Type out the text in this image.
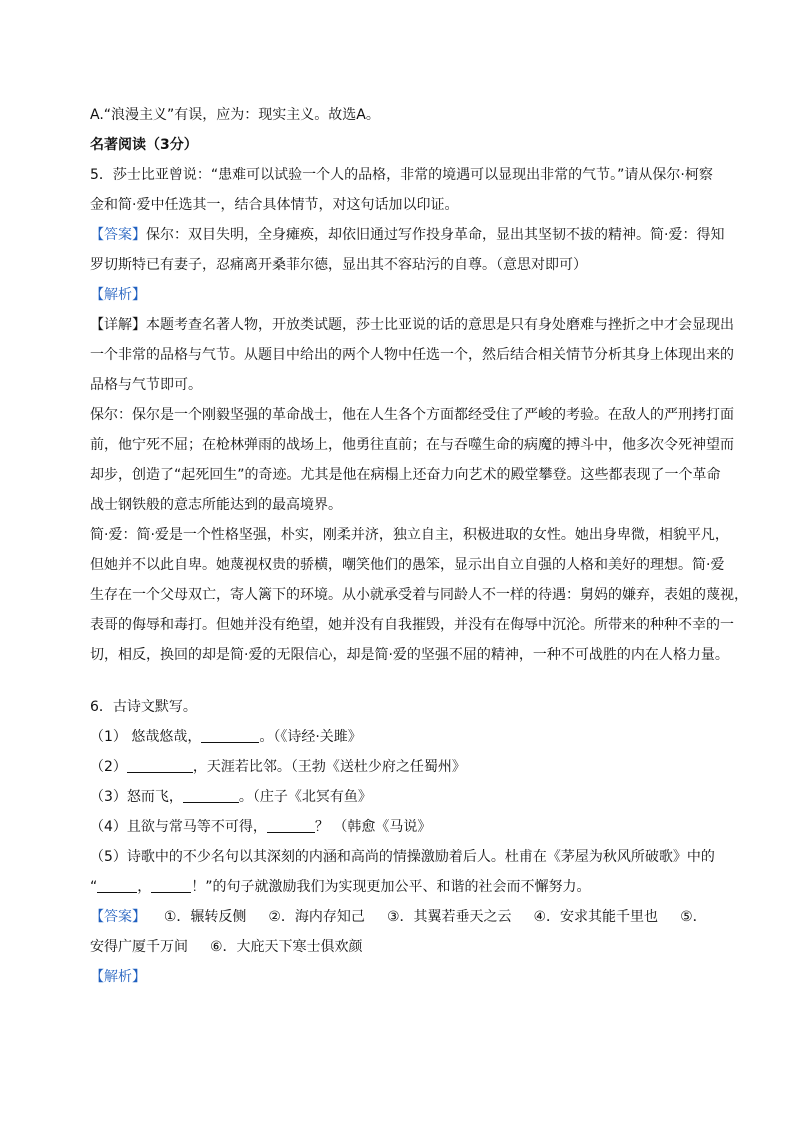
A.“浪漫主义”有误，应为：现实主义。故选A。

名著阅读（3分）

5．莎士比亚曾说：“患难可以试验一个人的品格，非常的境遇可以显现出非常的气节。”请从保尔·柯察

金和简·爱中任选其一，结合具体情节，对这句话加以印证。

【答案】保尔：双目失明，全身瘫痪，却依旧通过写作投身革命，显出其坚韧不拔的精神。简·爱：得知

罗切斯特已有妻子，忍痛离开桑菲尔德，显出其不容玷污的自尊。（意思对即可）

【解析】

【详解】本题考查名著人物，开放类试题，莎士比亚说的话的意思是只有身处磨难与挫折之中才会显现出

一个非常的品格与气节。从题目中给出的两个人物中任选一个，然后结合相关情节分析其身上体现出来的

品格与气节即可。

保尔：保尔是一个刚毅坚强的革命战士，他在人生各个方面都经受住了严峻的考验。在敌人的严刑拷打面

前，他宁死不屈；在枪林弹雨的战场上，他勇往直前；在与吞噬生命的病魔的搏斗中，他多次令死神望而

却步，创造了“起死回生”的奇迹。尤其是他在病榻上还奋力向艺术的殿堂攀登。这些都表现了一个革命

战士钢铁般的意志所能达到的最高境界。

简·爱：简·爱是一个性格坚强，朴实，刚柔并济，独立自主，积极进取的女性。她出身卑微，相貌平凡，

但她并不以此自卑。她蔑视权贵的骄横，嘲笑他们的愚笨，显示出自立自强的人格和美好的理想。简·爱

生存在一个父母双亡，寄人篱下的环境。从小就承受着与同龄人不一样的待遇：舅妈的嫌弃，表姐的蔑视，

表哥的侮辱和毒打。但她并没有绝望，她并没有自我摧毁，并没有在侮辱中沉沦。所带来的种种不幸的一

切，相反，换回的却是简·爱的无限信心，却是简·爱的坚强不屈的精神，一种不可战胜的内在人格力量。

6．古诗文默写。

（1） 悠哉悠哉，	。（《诗经·关雎》

（2）	，天涯若比邻。（王勃《送杜少府之任蜀州》

（3）怒而飞，	。（庄子《北冥有鱼》

（4）且欲与常马等不可得，	？ （韩愈《马说》

（5）诗歌中的不少名句以其深刻的内涵和高尚的情操激励着后人。杜甫在《茅屋为秋风所破歌》中的

“	，	！”的句子就激励我们为实现更加公平、和谐的社会而不懈努力。

【答案】 ①．辗转反侧 ②．海内存知己 ③．其翼若垂天之云 ④．安求其能千里也 ⑤．

安得广厦千万间 ⑥．大庇天下寒士俱欢颜

【解析】
